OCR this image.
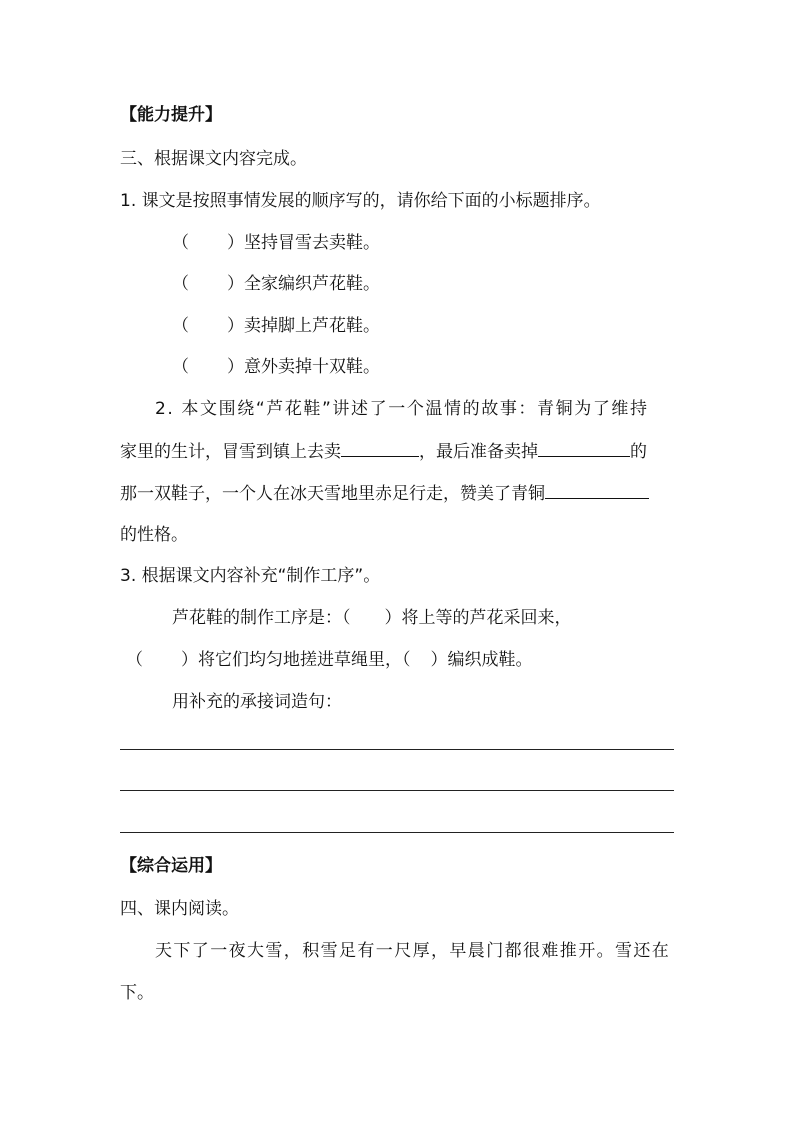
【能力提升】
三、根据课文内容完成。
1. 课文是按照事情发展的顺序写的，请你给下面的小标题排序。
（ ）坚持冒雪去卖鞋。
（ ）全家编织芦花鞋。
（ ）卖掉脚上芦花鞋。
（ ）意外卖掉十双鞋。
2. 本文围绕“芦花鞋”讲述了一个温情的故事：青铜为了维持
家里的生计，冒雪到镇上去卖	，最后准备卖掉	的
那一双鞋子，一个人在冰天雪地里赤足行走，赞美了青铜
的性格。
3. 根据课文内容补充“制作工序”。
芦花鞋的制作工序是：（ ）将上等的芦花采回来，
（ ）将它们均匀地搓进草绳里，（ ）编织成鞋。
用补充的承接词造句：
【综合运用】
四、课内阅读。
天下了一夜大雪，积雪足有一尺厚，早晨门都很难推开。雪还在
下。
